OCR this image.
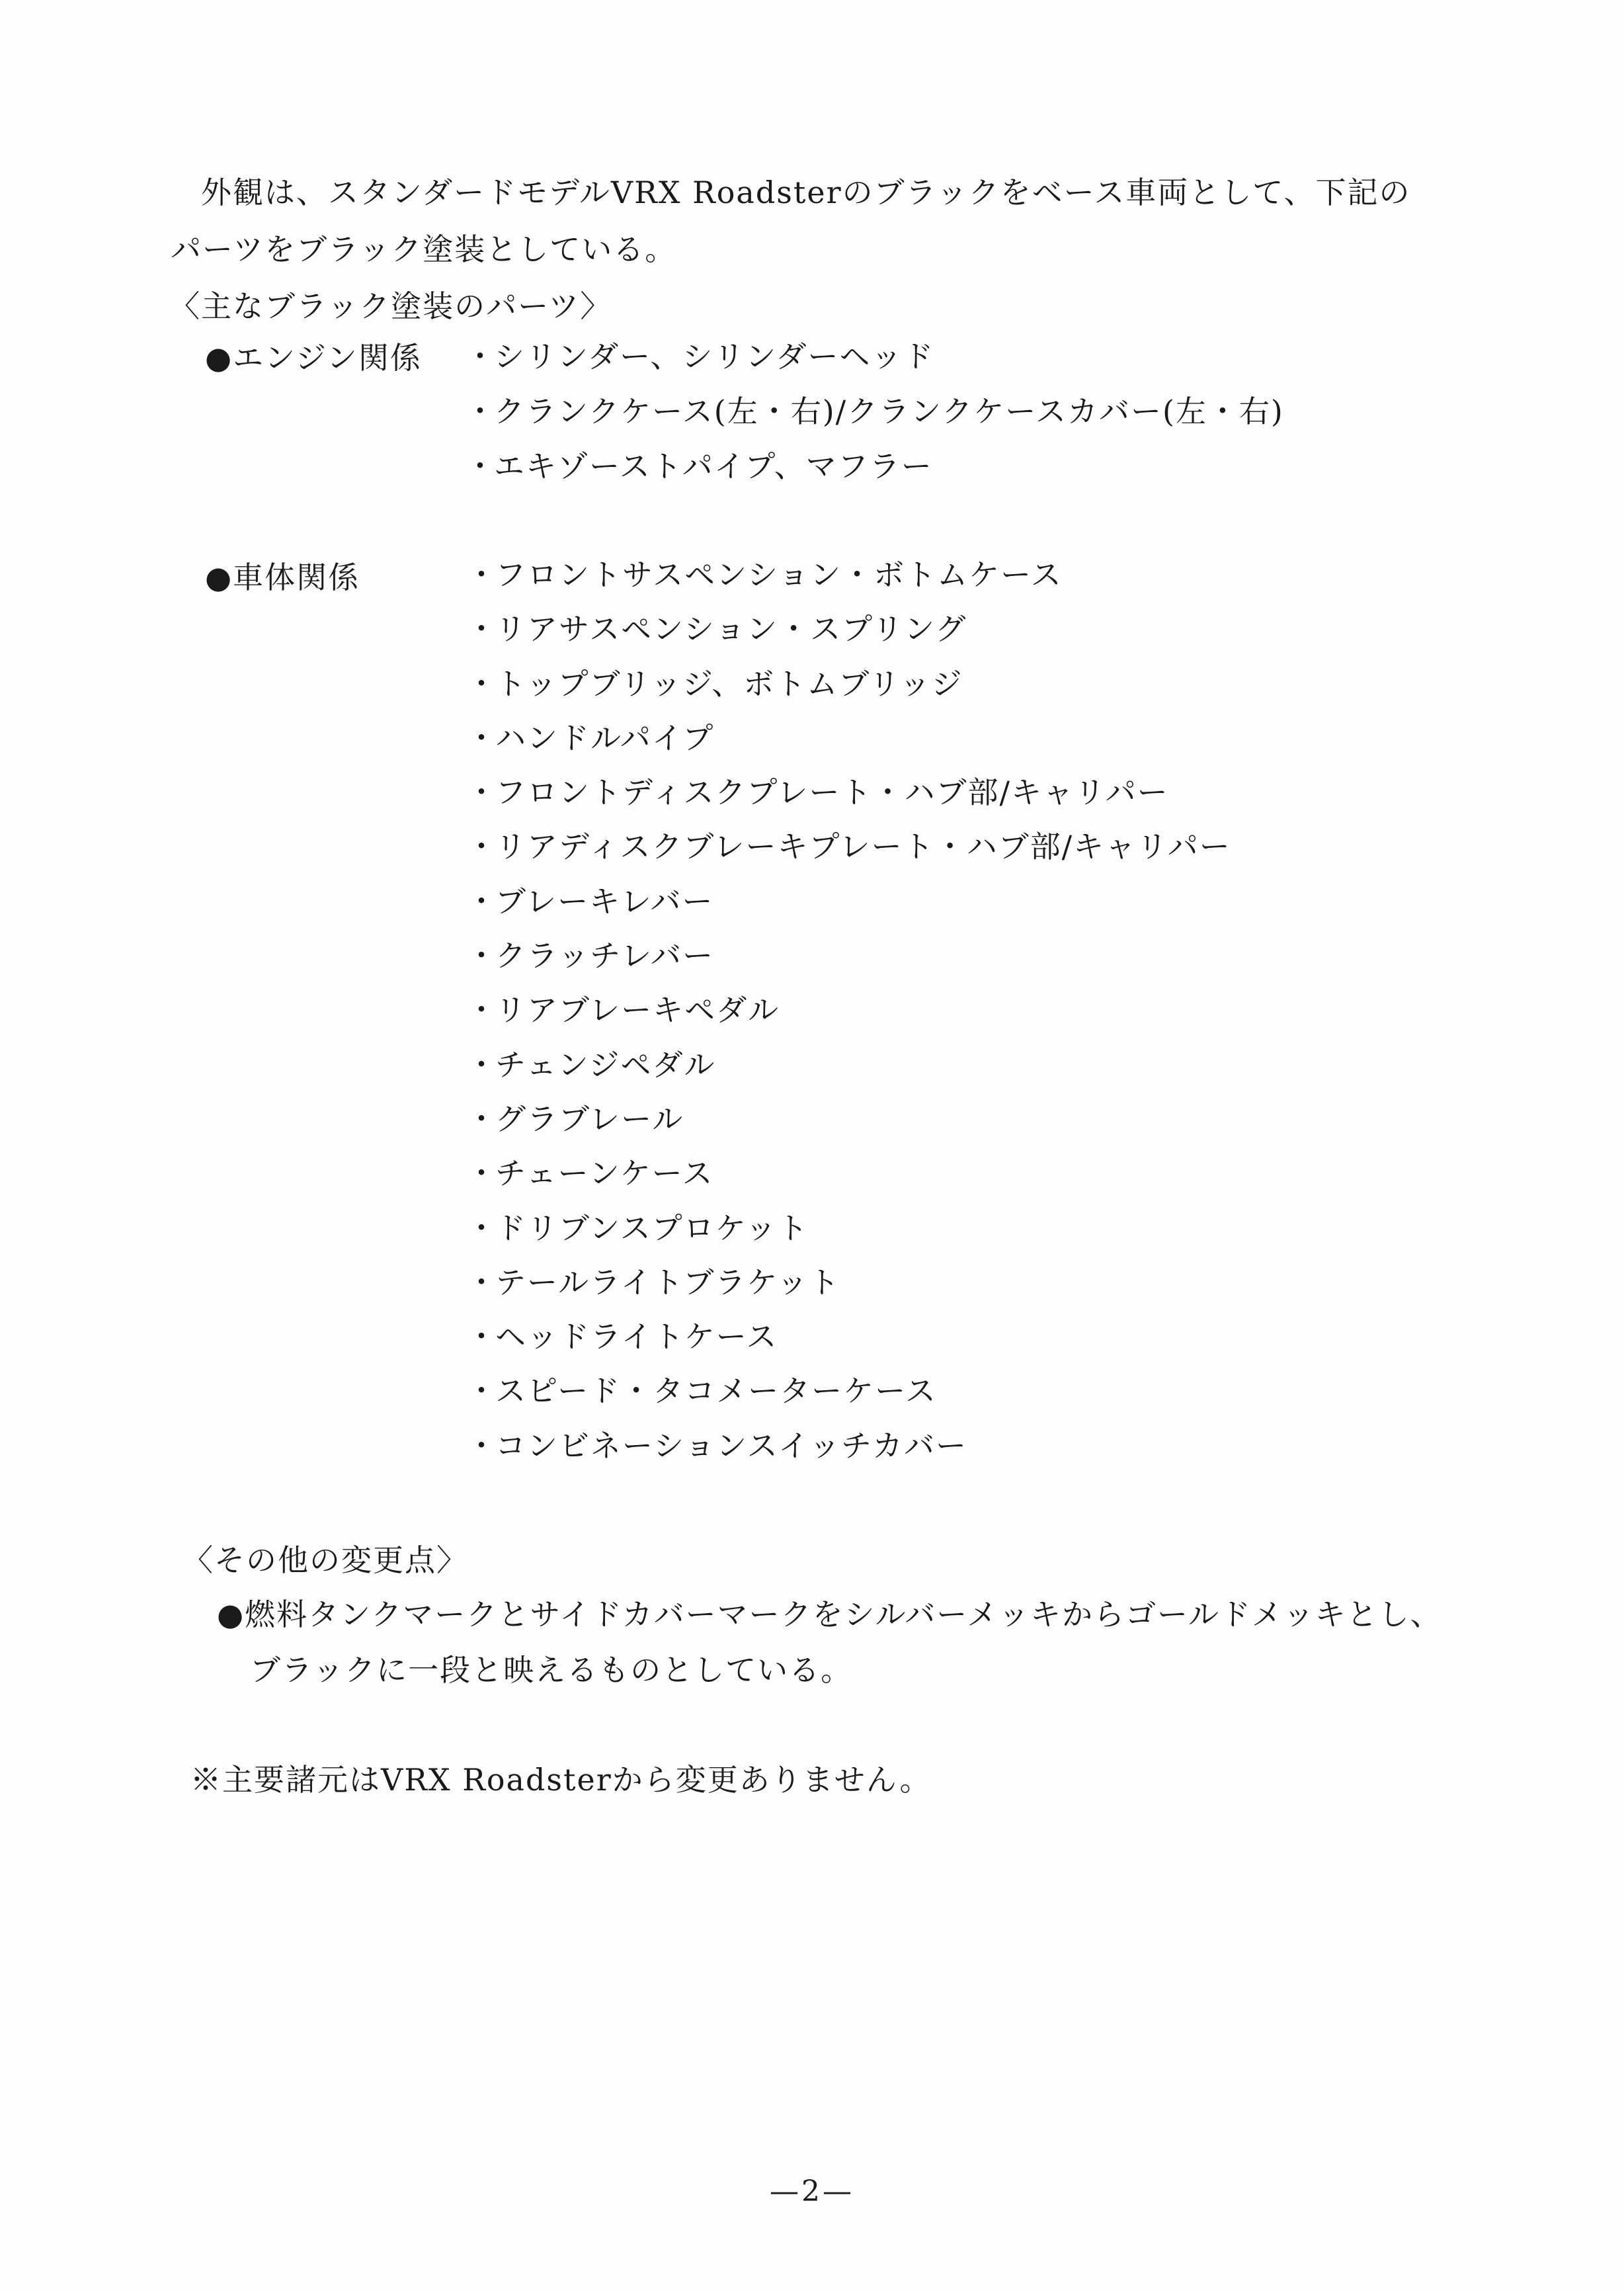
外観は、スタンダードモデルVRX Roadsterのブラックをベース車両として、下記の
パーツをブラック塗装としている。
〈主なブラック塗装のパーツ〉
●エンジン関係 ・シリンダー、シリンダーヘッド
・クランクケース(左・右)/クランクケースカバー(左・右)
・エキゾーストパイプ、マフラー
●車体関係	・フロントサスペンション・ボトムケース
・リアサスペンション・スプリング
・トップブリッジ、ボトムブリッジ
・ハンドルパイプ
・フロントディスクプレート・ハブ部/キャリパー
・リアディスクブレーキプレート・ハブ部/キャリパー
・ブレーキレバー
・クラッチレバー
・リアブレーキペダル
・チェンジペダル
・グラブレール
・チェーンケース
・ドリブンスプロケット
・テールライトブラケット
・ヘッドライトケース
・スピード・タコメーターケース
・コンビネーションスイッチカバー
〈その他の変更点〉
●燃料タンクマークとサイドカバーマークをシルバーメッキからゴールドメッキとし、
ブラックに一段と映えるものとしている。
※主要諸元はVRX Roadsterから変更ありません。
—2—
